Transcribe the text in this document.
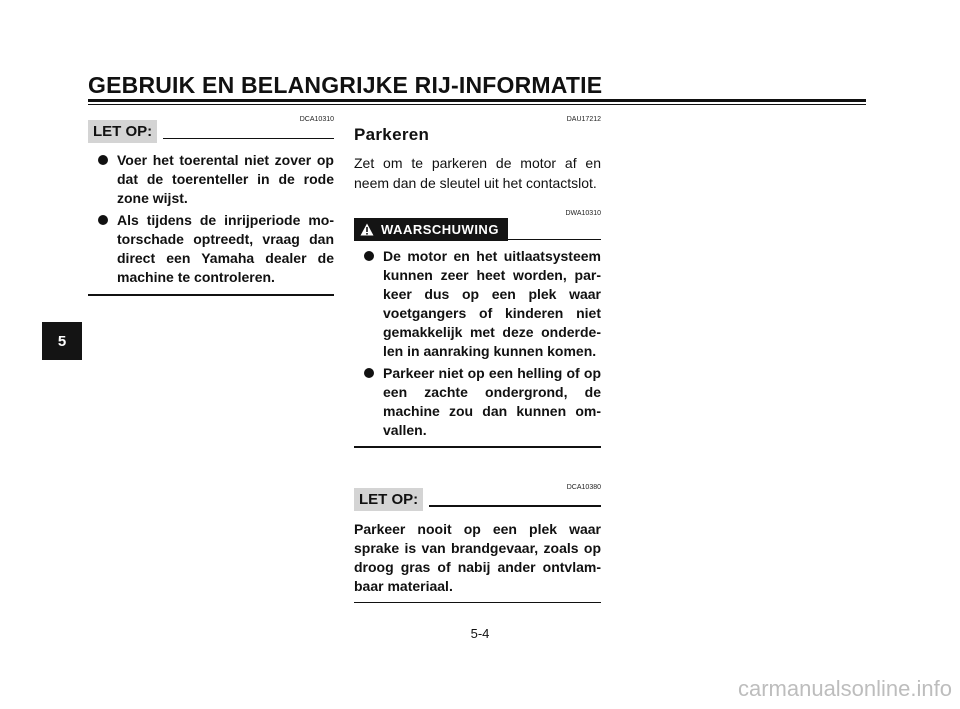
GEBRUIK EN BELANGRIJKE RIJ-INFORMATIE
5
DCA10310
LET OP:
Voer het toerental niet zover op dat de toerenteller in de rode zone wijst.
Als tijdens de inrijperiode mo-torschade optreedt, vraag dan direct een Yamaha dealer de machine te controleren.
DAU17212
Parkeren
Zet om te parkeren de motor af en neem dan de sleutel uit het contactslot.
DWA10310
WAARSCHUWING
De motor en het uitlaatsysteem kunnen zeer heet worden, par-keer dus op een plek waar voetgangers of kinderen niet gemakkelijk met deze onderde-len in aanraking kunnen komen.
Parkeer niet op een helling of op een zachte ondergrond, de machine zou dan kunnen om-vallen.
DCA10380
LET OP:
Parkeer nooit op een plek waar sprake is van brandgevaar, zoals op droog gras of nabij ander ontvlam-baar materiaal.
5-4
carmanualsonline.info
